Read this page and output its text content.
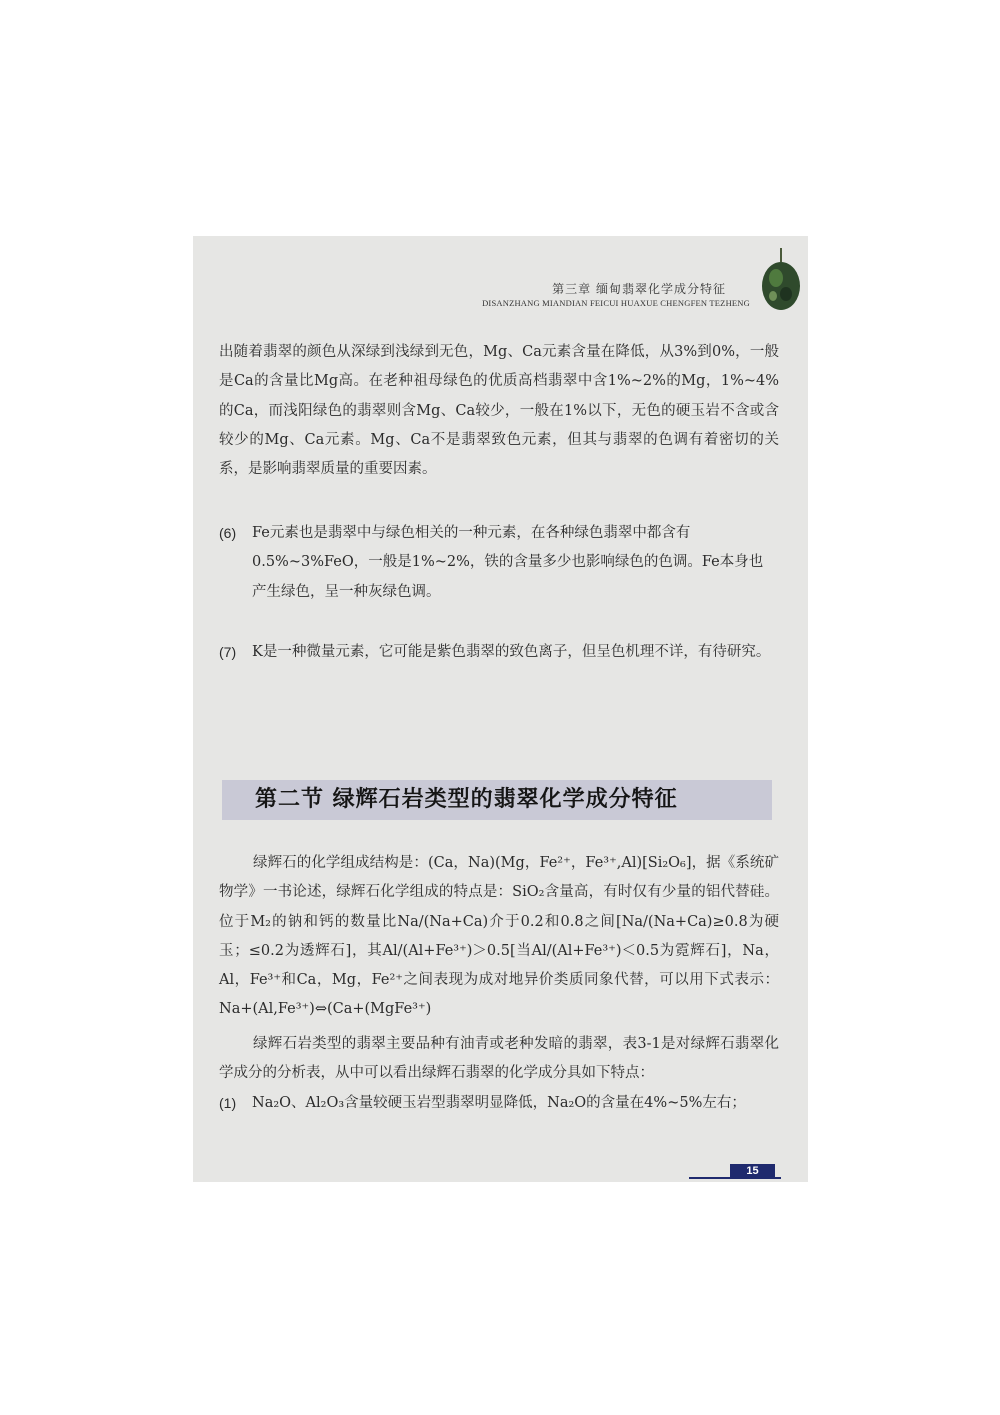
第三章 缅甸翡翠化学成分特征
DISANZHANG MIANDIAN FEICUI HUAXUE CHENGFEN TEZHENG
出随着翡翠的颜色从深绿到浅绿到无色，Mg、Ca元素含量在降低，从3%到0%，一般是Ca的含量比Mg高。在老种祖母绿色的优质高档翡翠中含1%~2%的Mg，1%~4%的Ca，而浅阳绿色的翡翠则含Mg、Ca较少，一般在1%以下，无色的硬玉岩不含或含较少的Mg、Ca元素。Mg、Ca不是翡翠致色元素，但其与翡翠的色调有着密切的关系，是影响翡翠质量的重要因素。
(6) Fe元素也是翡翠中与绿色相关的一种元素，在各种绿色翡翠中都含有0.5%~3%FeO，一般是1%~2%，铁的含量多少也影响绿色的色调。Fe本身也产生绿色，呈一种灰绿色调。
(7) K是一种微量元素，它可能是紫色翡翠的致色离子，但呈色机理不详，有待研究。
第二节 绿辉石岩类型的翡翠化学成分特征
绿辉石的化学组成结构是：(Ca，Na)(Mg，Fe²⁺，Fe³⁺,Al)[Si₂O₆]，据《系统矿物学》一书论述，绿辉石化学组成的特点是：SiO₂含量高，有时仅有少量的铝代替硅。位于M₂的钠和钙的数量比Na/(Na+Ca)介于0.2和0.8之间[Na/(Na+Ca)≥0.8为硬玉；≤0.2为透辉石]，其Al/(Al+Fe³⁺)＞0.5[当Al/(Al+Fe³⁺)＜0.5为霓辉石]，Na，Al，Fe³⁺和Ca，Mg，Fe²⁺之间表现为成对地异价类质同象代替，可以用下式表示：Na+(Al,Fe³⁺)⇔(Ca+(MgFe³⁺)
绿辉石岩类型的翡翠主要品种有油青或老种发暗的翡翠，表3-1是对绿辉石翡翠化学成分的分析表，从中可以看出绿辉石翡翠的化学成分具如下特点：
(1) Na₂O、Al₂O₃含量较硬玉岩型翡翠明显降低，Na₂O的含量在4%~5%左右；
15
